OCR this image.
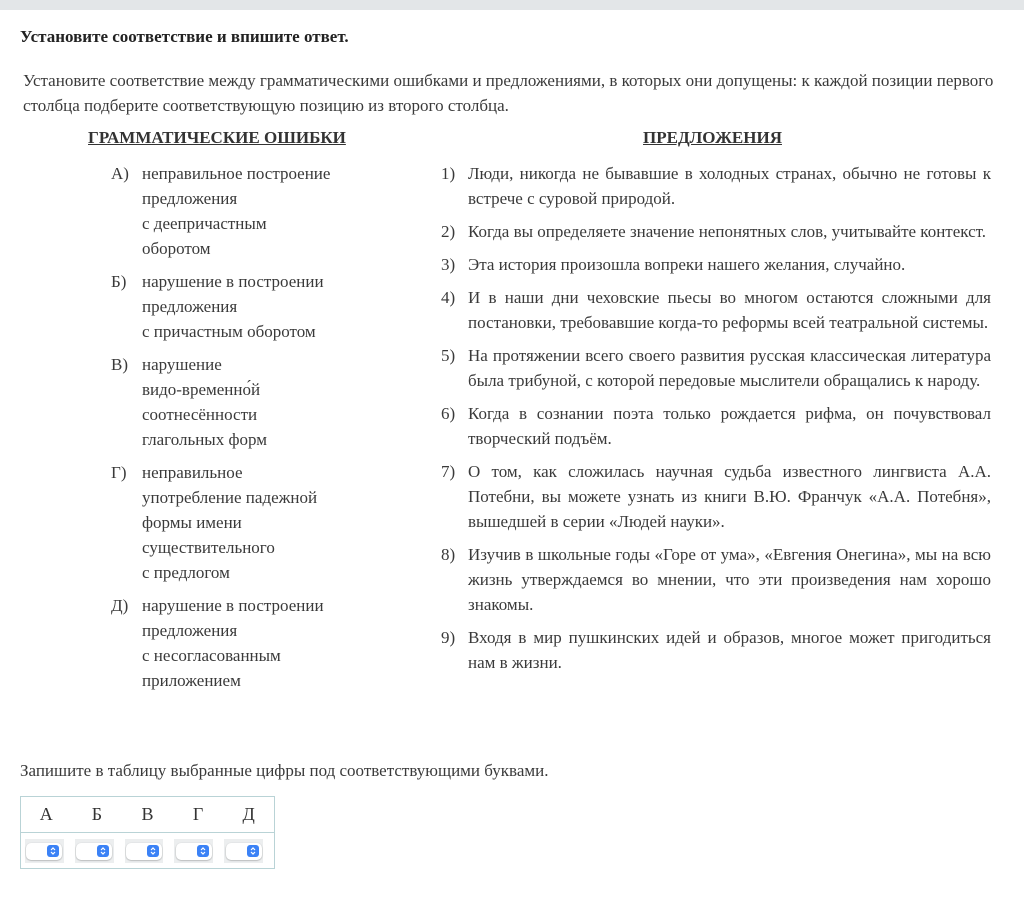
Установите соответствие и впишите ответ.
Установите соответствие между грамматическими ошибками и предложениями, в которых они допущены: к каждой позиции первого столбца подберите соответствующую позицию из второго столбца.
ГРАММАТИЧЕСКИЕ ОШИБКИ	ПРЕДЛОЖЕНИЯ
А) неправильное построение
предложения
с деепричастным
оборотом
Б) нарушение в построении
предложения
с причастным оборотом
В) нарушение
видо-временно́й
соотнесённости
глагольных форм
Г) неправильное
употребление падежной
формы имени
существительного
с предлогом
Д) нарушение в построении
предложения
с несогласованным
приложением
1) Люди, никогда не бывавшие в холодных странах, обычно не готовы к встрече с суровой природой.
2) Когда вы определяете значение непонятных слов, учитывайте контекст.
3) Эта история произошла вопреки нашего желания, случайно.
4) И в наши дни чеховские пьесы во многом остаются сложными для постановки, требовавшие когда-то реформы всей театральной системы.
5) На протяжении всего своего развития русская классическая литература была трибуной, с которой передовые мыслители обращались к народу.
6) Когда в сознании поэта только рождается рифма, он почувствовал творческий подъём.
7) О том, как сложилась научная судьба известного лингвиста А.А. Потебни, вы можете узнать из книги В.Ю. Франчук «А.А. Потебня», вышедшей в серии «Людей науки».
8) Изучив в школьные годы «Горе от ума», «Евгения Онегина», мы на всю жизнь утверждаемся во мнении, что эти произведения нам хорошо знакомы.
9) Входя в мир пушкинских идей и образов, многое может пригодиться нам в жизни.
Запишите в таблицу выбранные цифры под соответствующими буквами.
А	Б	В	Г	Д
